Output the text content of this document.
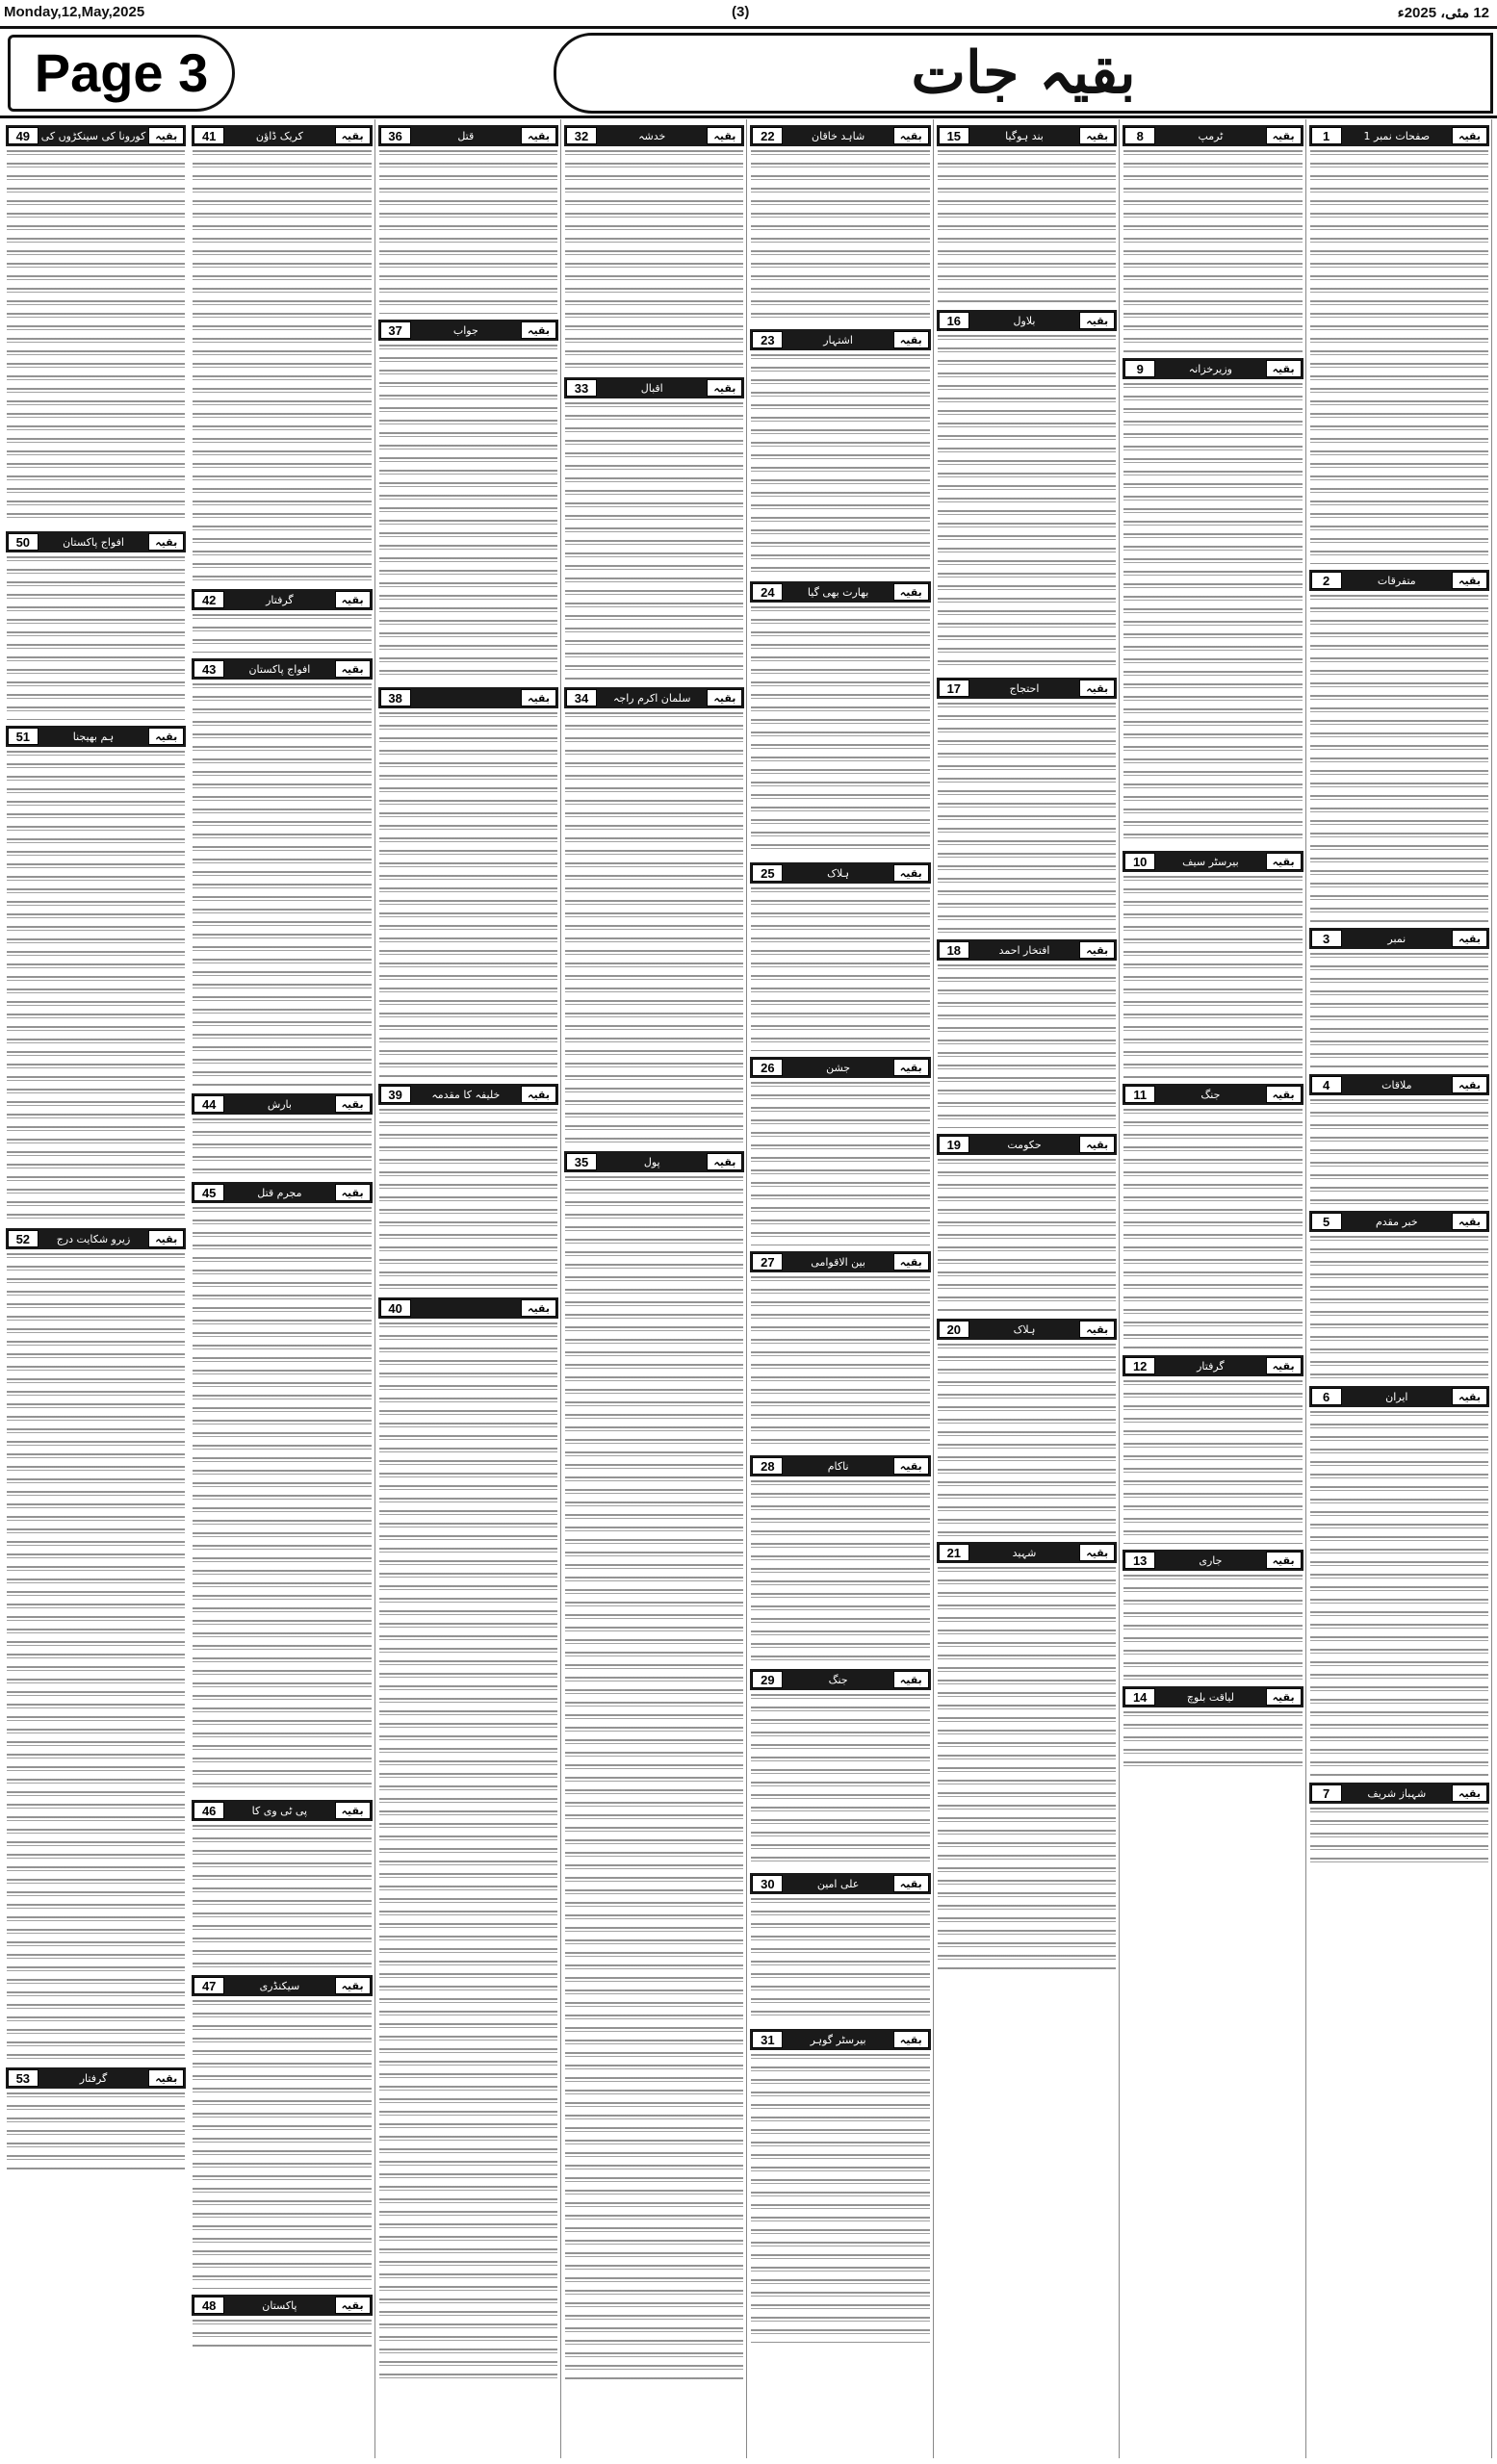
Monday,12,May,2025	(3)	12 مئی، 2025ء
Page 3	بقیہ جات
بقیہ
صفحات نمبر 1
1
بقیہ
متفرقات
2
بقیہ
نمبر
3
بقیہ
ملاقات
4
بقیہ
خبر مقدم
5
بقیہ
ایران
6
بقیہ
شہباز شریف
7
بقیہ
ٹرمپ
8
بقیہ
وزیرخزانہ
9
بقیہ
بیرسٹر سیف
10
بقیہ
جنگ
11
بقیہ
گرفتار
12
بقیہ
جاری
13
بقیہ
لیاقت بلوچ
14
بقیہ
بند ہوگیا
15
بقیہ
بلاول
16
بقیہ
احتجاج
17
بقیہ
افتخار احمد
18
بقیہ
حکومت
19
بقیہ
ہلاک
20
بقیہ
شہید
21
بقیہ
شاہد خاقان
22
بقیہ
اشتہار
23
بقیہ
بھارت بھی گیا
24
بقیہ
ہلاک
25
بقیہ
جشن
26
بقیہ
بین الاقوامی
27
بقیہ
ناکام
28
بقیہ
جنگ
29
بقیہ
علی امین
30
بقیہ
بیرسٹر گوہر
31
بقیہ
خدشہ
32
بقیہ
اقبال
33
بقیہ
سلمان اکرم راجہ
34
بقیہ
پول
35
بقیہ
قتل
36
بقیہ
جواب
37
بقیہ
38
بقیہ
خلیفہ کا مقدمہ
39
بقیہ
40
بقیہ
کریک ڈاؤن
41
بقیہ
گرفتار
42
بقیہ
افواج پاکستان
43
بقیہ
بارش
44
بقیہ
مجرم قتل
45
بقیہ
پی ٹی وی کا
46
بقیہ
سیکنڈری
47
بقیہ
پاکستان
48
بقیہ
کورونا کی سینکڑوں کی
49
بقیہ
افواج پاکستان
50
بقیہ
ہم بھیجنا
51
بقیہ
زیرو شکایت درج
52
بقیہ
گرفتار
53
